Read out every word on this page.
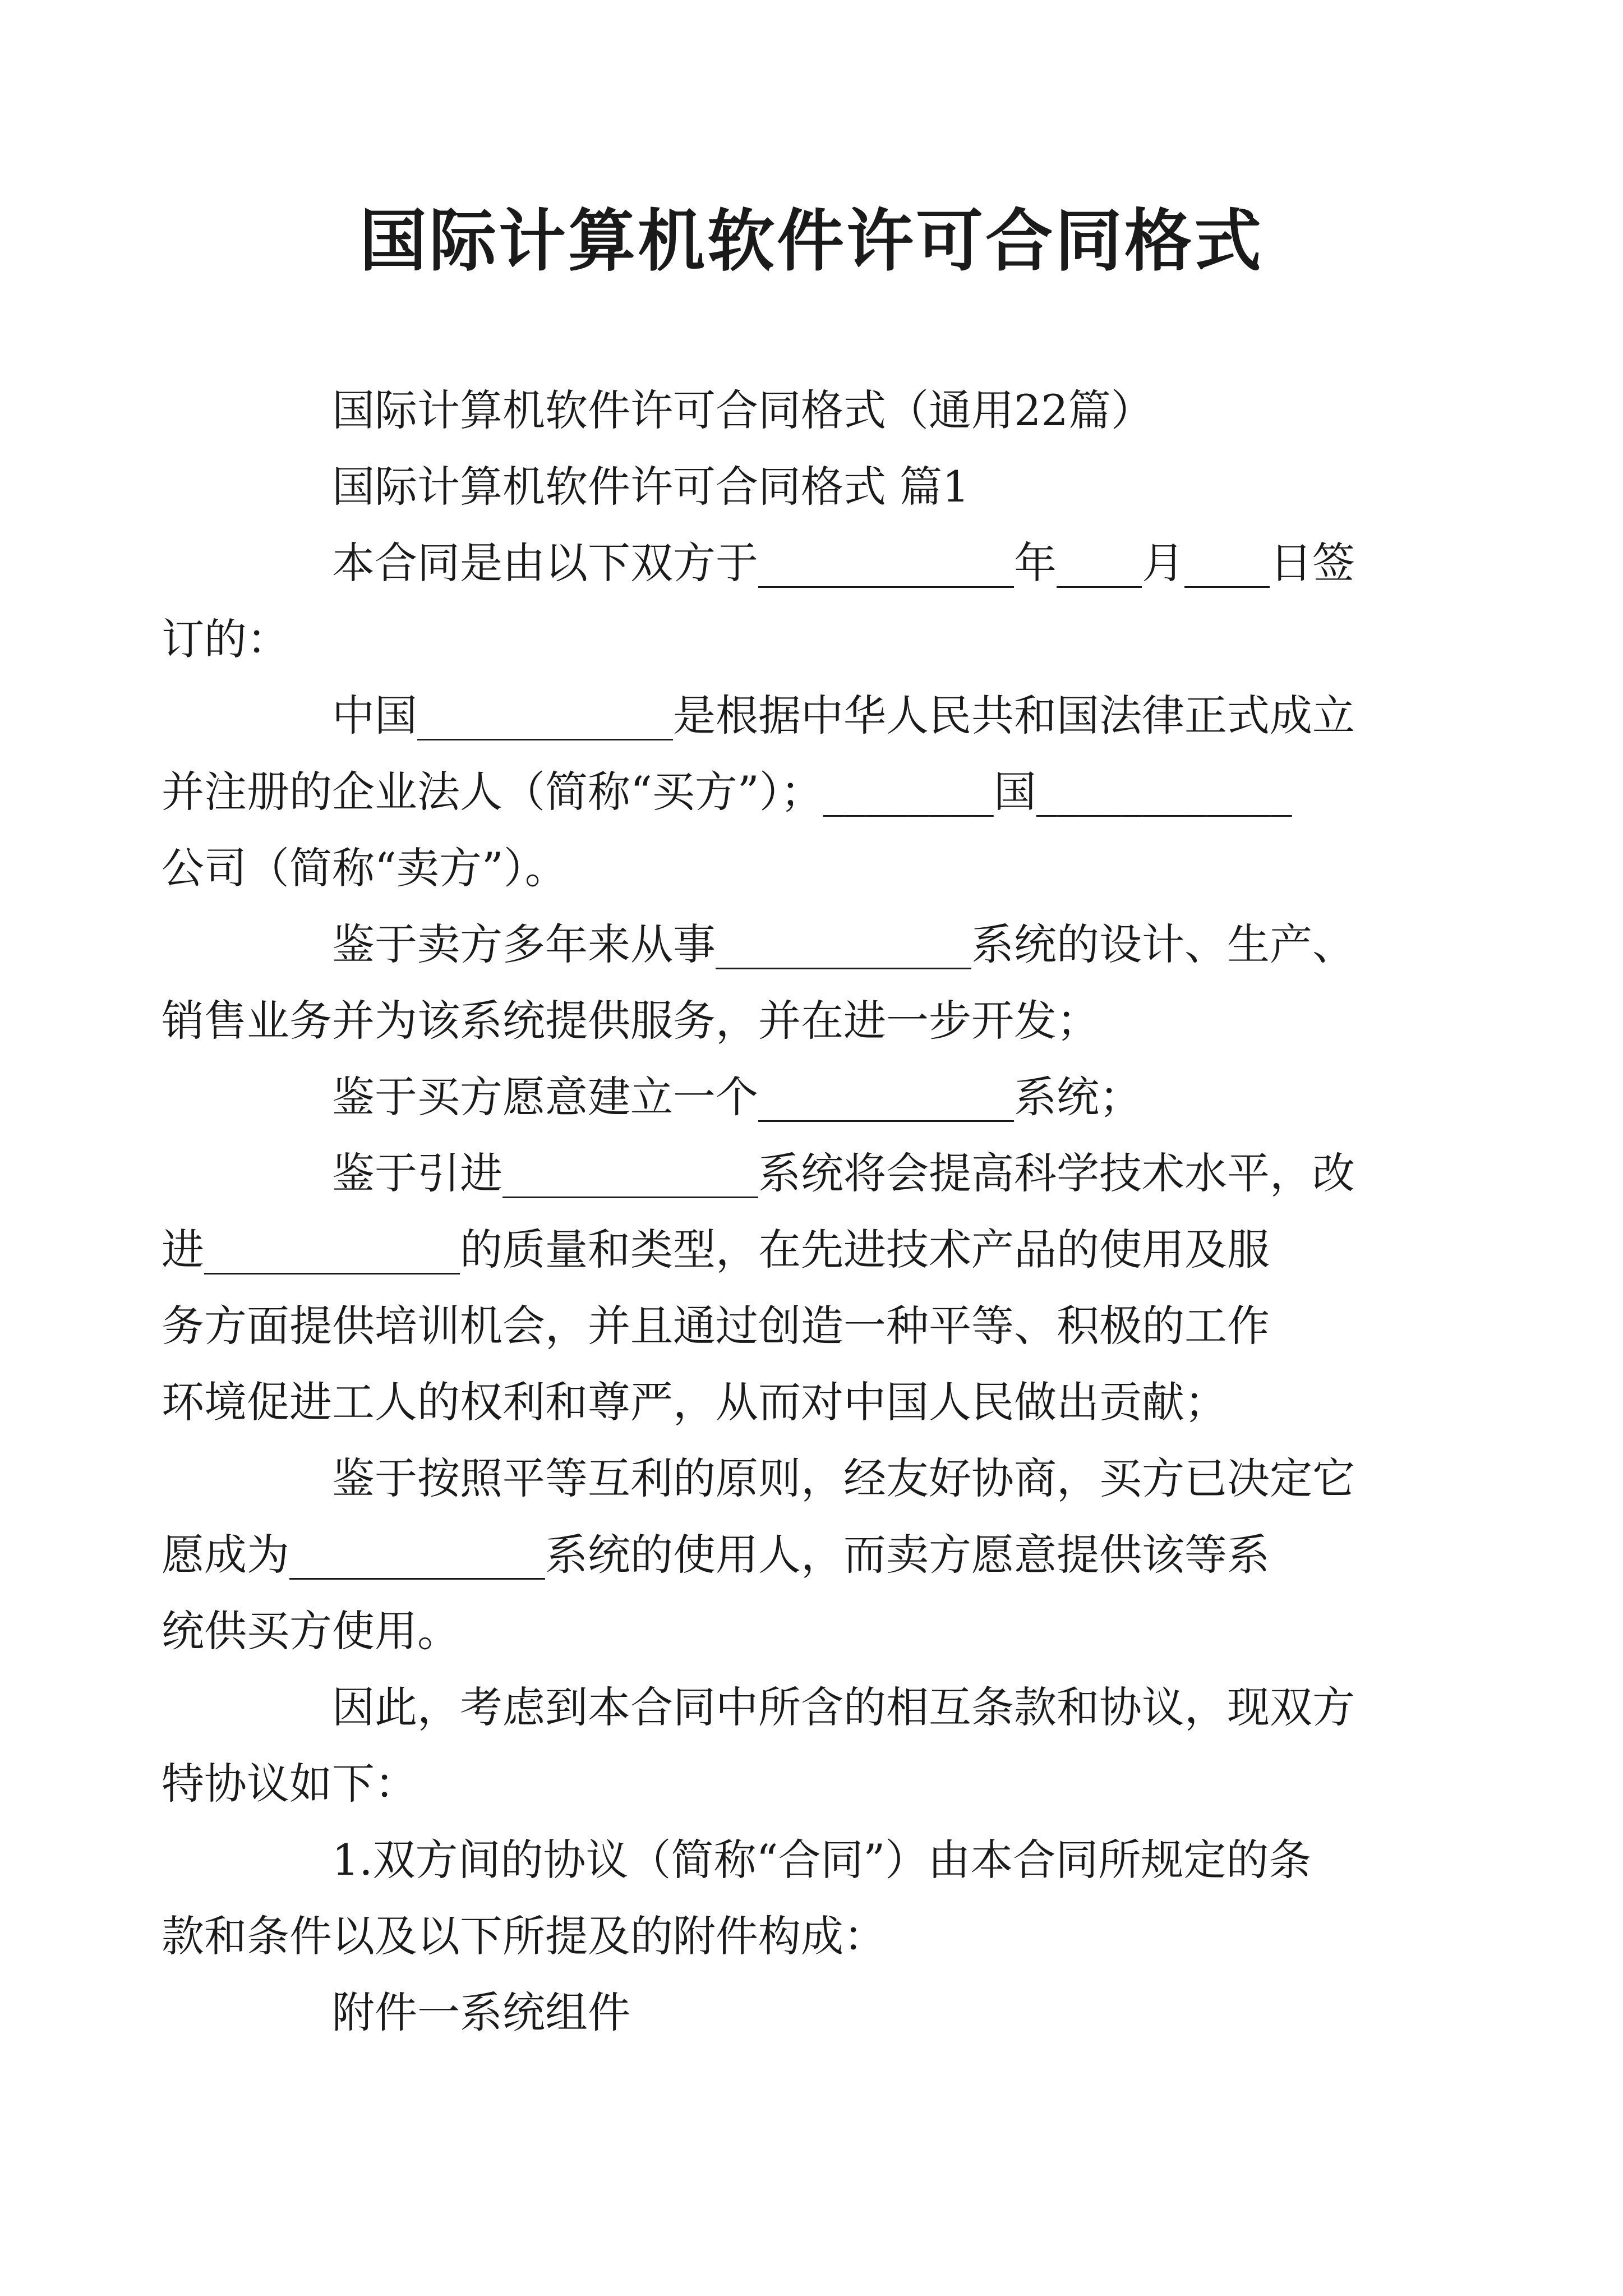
国际计算机软件许可合同格式
国际计算机软件许可合同格式（通用22篇）
国际计算机软件许可合同格式 篇1
本合同是由以下双方于____________年____月____日签
订的：
中国____________是根据中华人民共和国法律正式成立
并注册的企业法人（简称“买方”）；________国____________
公司（简称“卖方”）。
鉴于卖方多年来从事____________系统的设计、生产、
销售业务并为该系统提供服务，并在进一步开发；
鉴于买方愿意建立一个____________系统；
鉴于引进____________系统将会提高科学技术水平，改
进____________的质量和类型，在先进技术产品的使用及服
务方面提供培训机会，并且通过创造一种平等、积极的工作
环境促进工人的权利和尊严，从而对中国人民做出贡献；
鉴于按照平等互利的原则，经友好协商，买方已决定它
愿成为____________系统的使用人，而卖方愿意提供该等系
统供买方使用。
因此，考虑到本合同中所含的相互条款和协议，现双方
特协议如下：
1.双方间的协议（简称“合同”）由本合同所规定的条
款和条件以及以下所提及的附件构成：
附件一系统组件
